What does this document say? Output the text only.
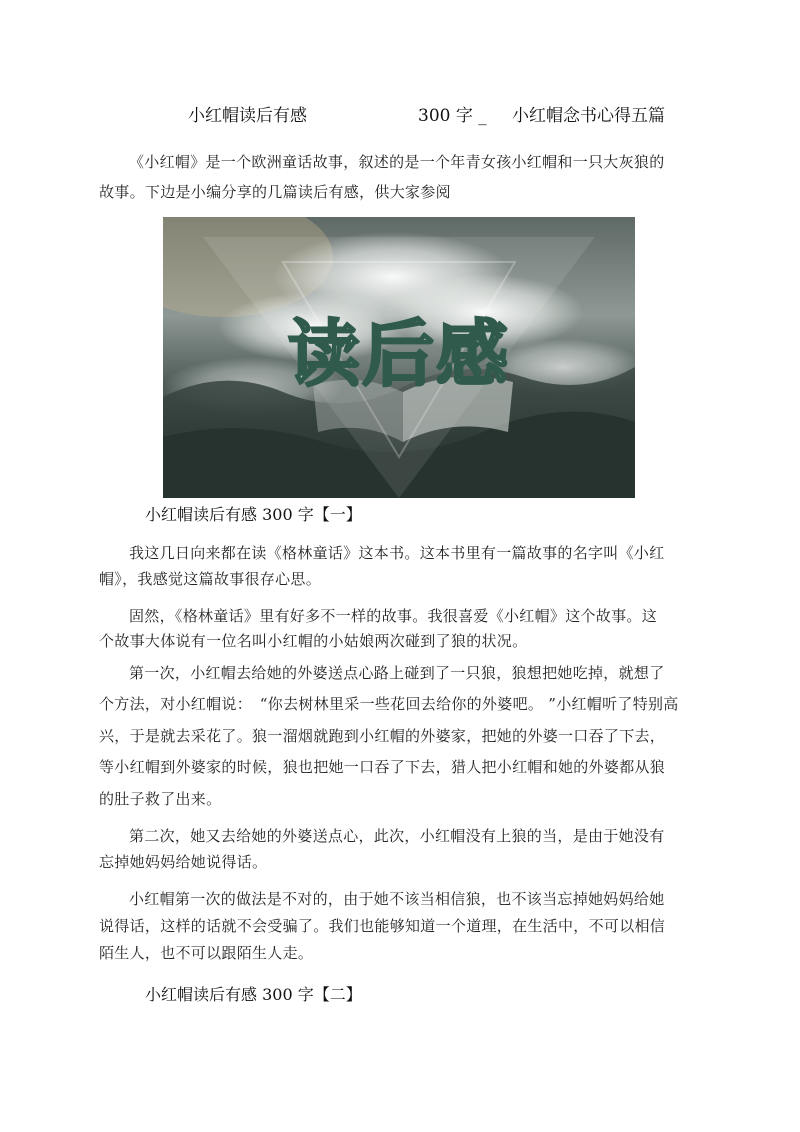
小红帽读后有感	300 字 _ 小红帽念书心得五篇
《小红帽》是一个欧洲童话故事，叙述的是一个年青女孩小红帽和一只大灰狼的
故事。下边是小编分享的几篇读后有感，供大家参阅
读后感
小红帽读后有感 300 字【一】
我这几日向来都在读《格林童话》这本书。这本书里有一篇故事的名字叫《小红
帽》，我感觉这篇故事很存心思。
固然，《格林童话》里有好多不一样的故事。我很喜爱《小红帽》这个故事。这
个故事大体说有一位名叫小红帽的小姑娘两次碰到了狼的状况。
第一次，小红帽去给她的外婆送点心路上碰到了一只狼，狼想把她吃掉，就想了
个方法，对小红帽说：　“你去树林里采一些花回去给你的外婆吧。 ”小红帽听了特别高
兴，于是就去采花了。狼一溜烟就跑到小红帽的外婆家，把她的外婆一口吞了下去，
等小红帽到外婆家的时候，狼也把她一口吞了下去，猎人把小红帽和她的外婆都从狼
的肚子救了出来。
第二次，她又去给她的外婆送点心，此次，小红帽没有上狼的当，是由于她没有
忘掉她妈妈给她说得话。
小红帽第一次的做法是不对的，由于她不该当相信狼，也不该当忘掉她妈妈给她
说得话，这样的话就不会受骗了。我们也能够知道一个道理，在生活中，不可以相信
陌生人，也不可以跟陌生人走。
小红帽读后有感 300 字【二】
